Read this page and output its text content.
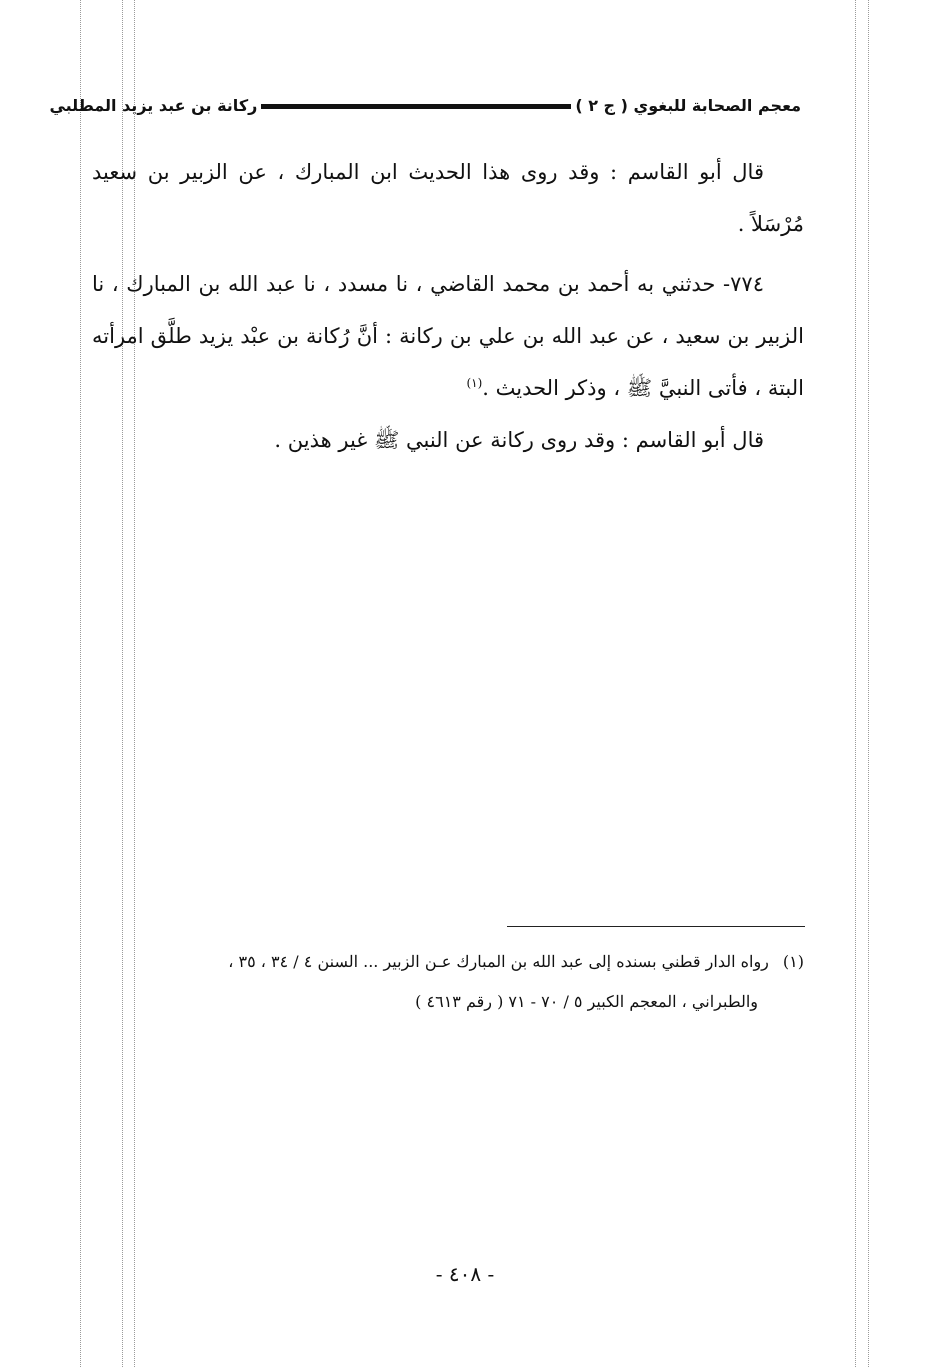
معجم الصحابة للبغوي ( ج ٢ )
ركانة بن عبد يزيد المطلبي

قال أبو القاسم : وقد روى هذا الحديث ابن المبارك ، عن الزبير بن سعيد مُرْسَلاً .

٧٧٤- حدثني به أحمد بن محمد القاضي ، نا مسدد ، نا عبد الله بن المبارك ، نا الزبير بن سعيد ، عن عبد الله بن علي بن ركانة : أنَّ رُكانة بن عبْد يزيد طلَّق امرأته البتة ، فأتى النبيَّ ﷺ ، وذكر الحديث .$^{(١)}$

قال أبو القاسم : وقد روى ركانة عن النبي ﷺ غير هذين .

(١)رواه الدار قطني بسنده إلى عبد الله بن المبارك عـن الزبير ... السنن ٤ / ٣٤ ، ٣٥ ،
والطبراني ، المعجم الكبير ٥ / ٧٠ - ٧١ ( رقم ٤٦١٣ )
- ٤٠٨ -
